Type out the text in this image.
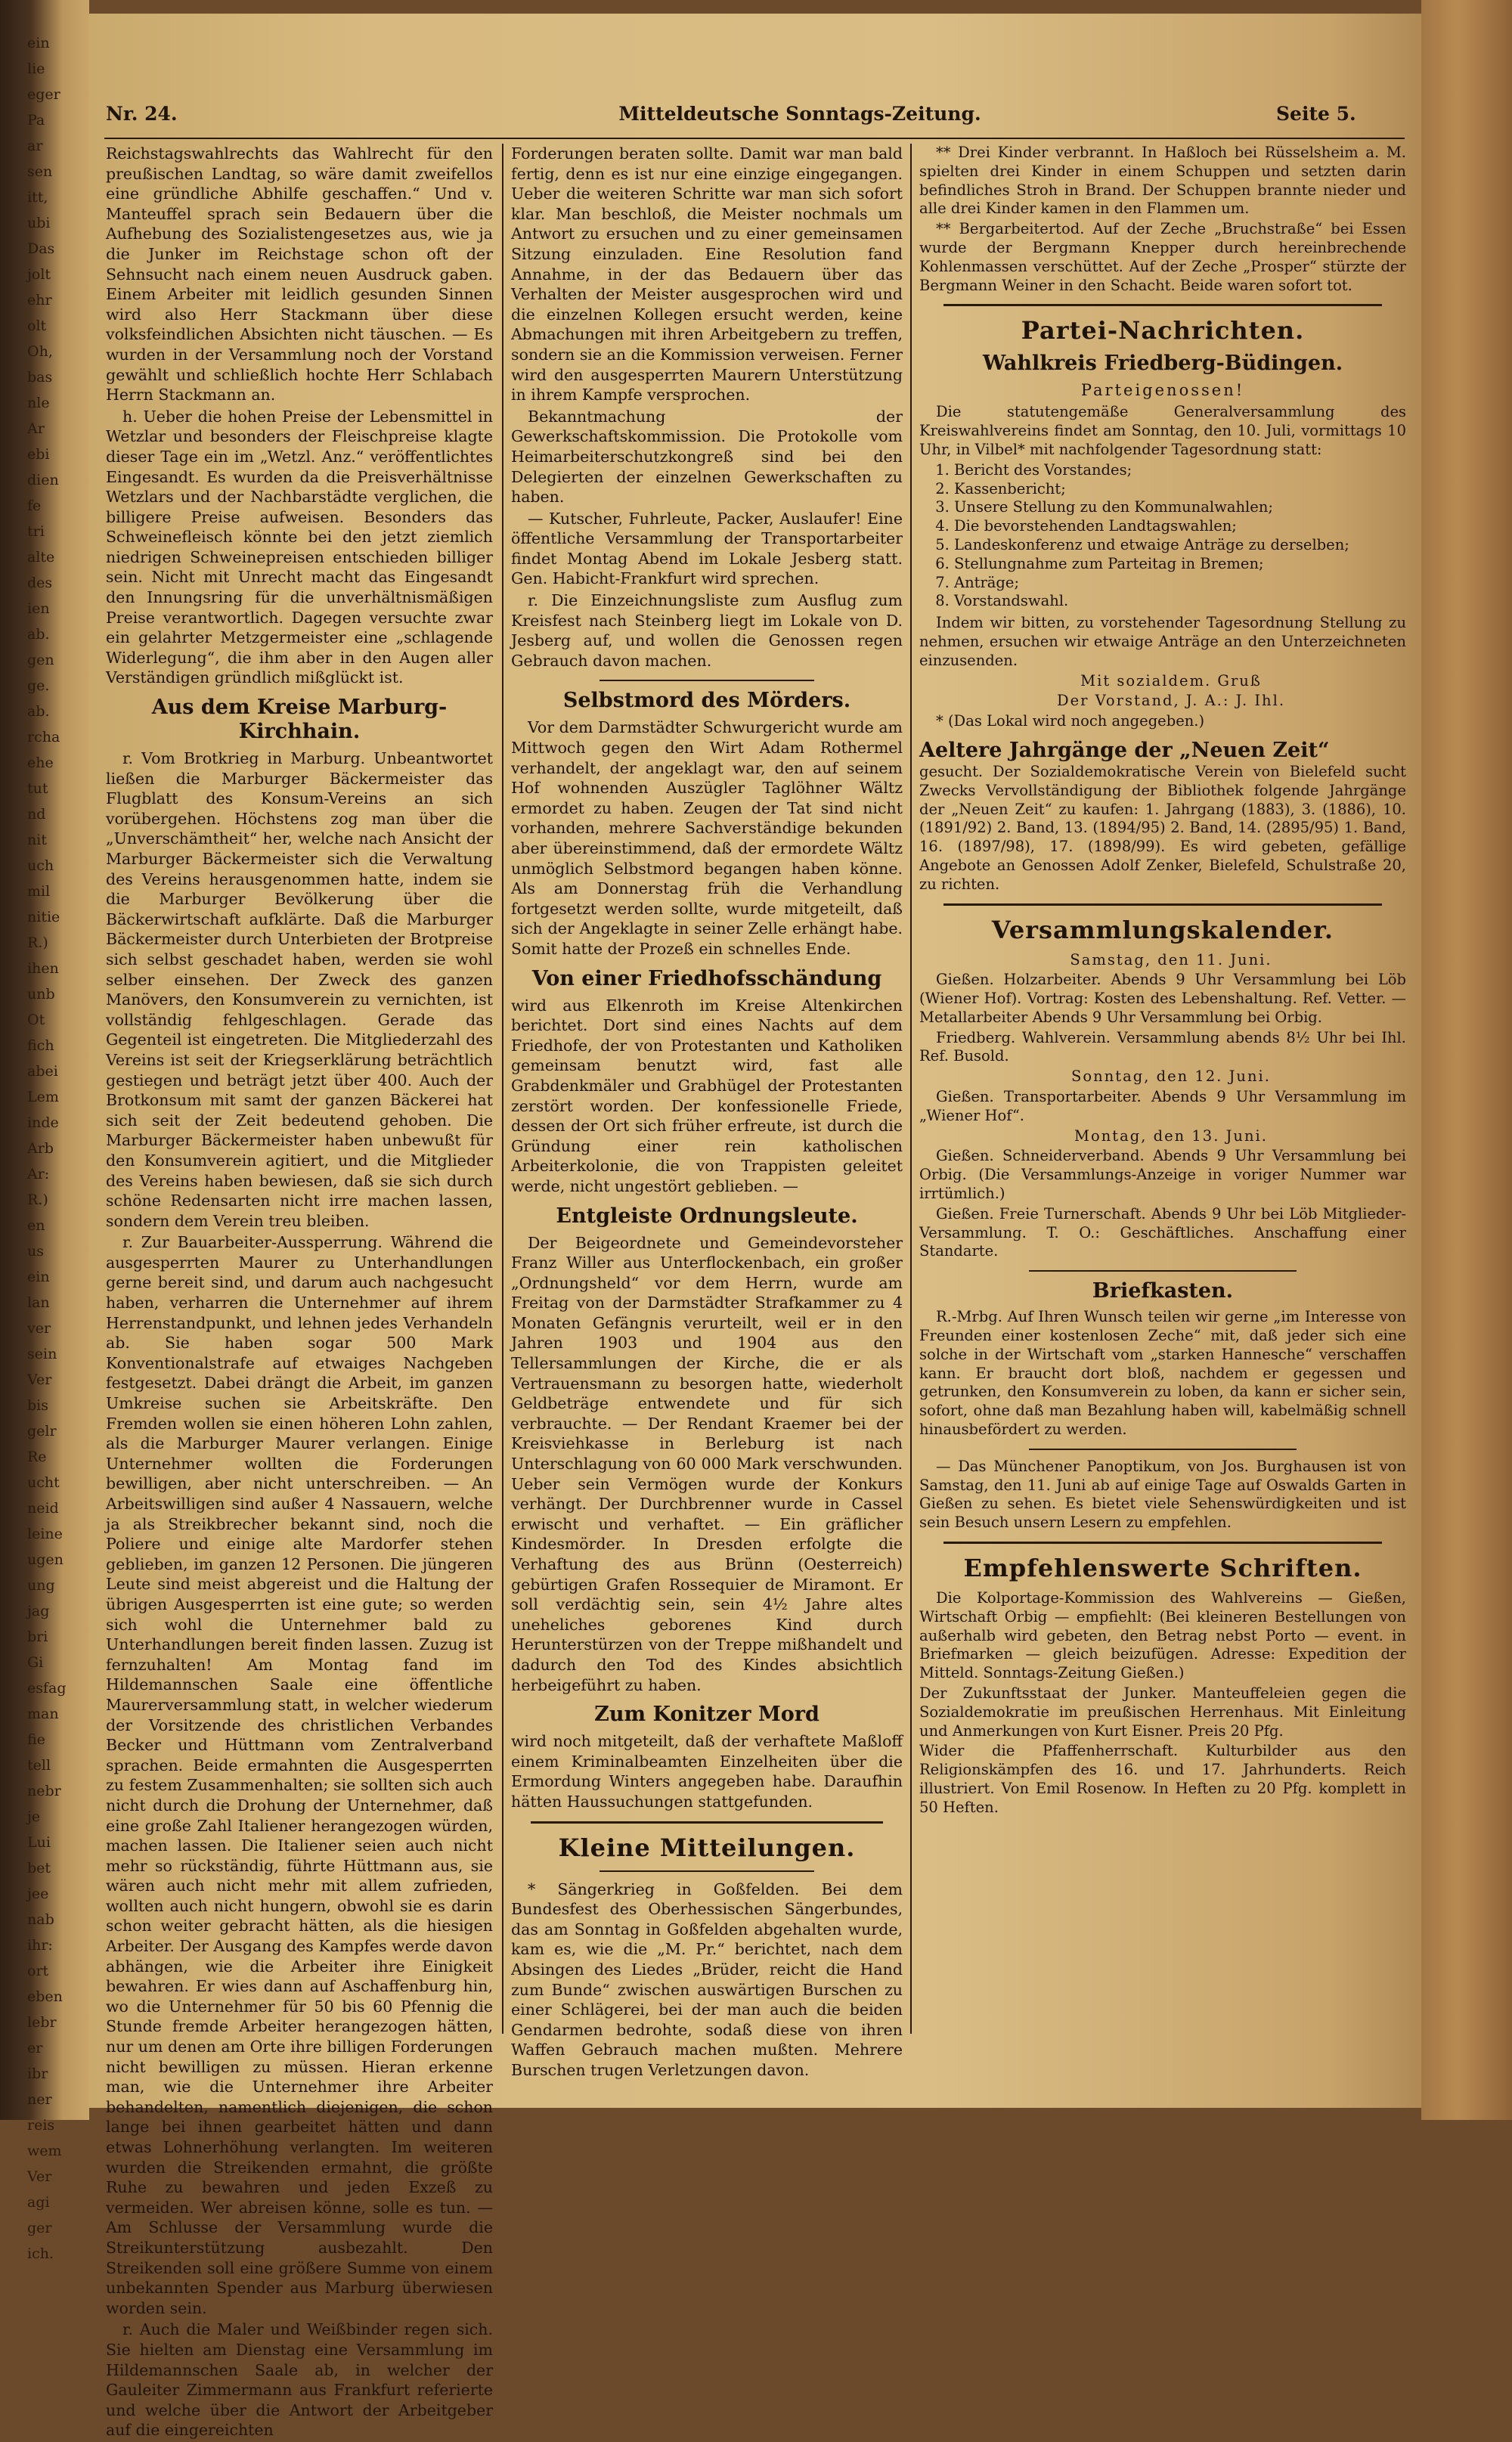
ein
lie
eger
Pa
ar
sen
itt,
ubi
Das
jolt
ehr
olt
Oh,
bas
nle
Ar
ebi
dien
fe
tri
alte
des
ien
ab.
gen
ge.
ab.
rcha
ehe
tut
nd
nit
uch
mil
nitie
R.)
ihen
unb
Ot
fich
abei
Lem
inde
Arb
Ar:
R.)
en
us
ein
lan
ver
sein
Ver
bis
gelr
Re
ucht
neid
leine
ugen
ung
jag
bri
Gi
esfag
man
fie
tell
nebr
je
Lui
bet
jee
nab
ihr:
ort
eben
lebr
er
ibr
ner
reis
wem
Ver
agi
ger
ich.
Nr. 24.	Mitteldeutsche Sonntags-Zeitung.	Seite 5.

Reichstagswahlrechts das Wahlrecht für den preußischen Landtag, so wäre damit zweifellos eine gründliche Abhilfe geschaffen.“ Und v. Manteuffel sprach sein Bedauern über die Aufhebung des Sozialistengesetzes aus, wie ja die Junker im Reichstage schon oft der Sehnsucht nach einem neuen Ausdruck gaben. Einem Arbeiter mit leidlich gesunden Sinnen wird also Herr Stackmann über diese volksfeindlichen Absichten nicht täuschen. — Es wurden in der Versammlung noch der Vorstand gewählt und schließlich hochte Herr Schlabach Herrn Stackmann an.

h. Ueber die hohen Preise der Lebensmittel in Wetzlar und besonders der Fleischpreise klagte dieser Tage ein im „Wetzl. Anz.“ veröffentlichtes Eingesandt. Es wurden da die Preisverhältnisse Wetzlars und der Nachbarstädte verglichen, die billigere Preise aufweisen. Besonders das Schweinefleisch könnte bei den jetzt ziemlich niedrigen Schweinepreisen entschieden billiger sein. Nicht mit Unrecht macht das Eingesandt den Innungsring für die unverhältnismäßigen Preise verantwortlich. Dagegen versuchte zwar ein gelahrter Metzgermeister eine „schlagende Widerlegung“, die ihm aber in den Augen aller Verständigen gründlich mißglückt ist.

Aus dem Kreise Marburg-Kirchhain.

r. Vom Brotkrieg in Marburg. Unbeantwortet ließen die Marburger Bäckermeister das Flugblatt des Konsum-Vereins an sich vorübergehen. Höchstens zog man über die „Unverschämtheit“ her, welche nach Ansicht der Marburger Bäckermeister sich die Verwaltung des Vereins herausgenommen hatte, indem sie die Marburger Bevölkerung über die Bäckerwirtschaft aufklärte. Daß die Marburger Bäckermeister durch Unterbieten der Brotpreise sich selbst geschadet haben, werden sie wohl selber einsehen. Der Zweck des ganzen Manövers, den Konsumverein zu vernichten, ist vollständig fehlgeschlagen. Gerade das Gegenteil ist eingetreten. Die Mitgliederzahl des Vereins ist seit der Kriegserklärung beträchtlich gestiegen und beträgt jetzt über 400. Auch der Brotkonsum mit samt der ganzen Bäckerei hat sich seit der Zeit bedeutend gehoben. Die Marburger Bäckermeister haben unbewußt für den Konsumverein agitiert, und die Mitglieder des Vereins haben bewiesen, daß sie sich durch schöne Redensarten nicht irre machen lassen, sondern dem Verein treu bleiben.

r. Zur Bauarbeiter-Aussperrung. Während die ausgesperrten Maurer zu Unterhandlungen gerne bereit sind, und darum auch nachgesucht haben, verharren die Unternehmer auf ihrem Herrenstandpunkt, und lehnen jedes Verhandeln ab. Sie haben sogar 500 Mark Konventionalstrafe auf etwaiges Nachgeben festgesetzt. Dabei drängt die Arbeit, im ganzen Umkreise suchen sie Arbeitskräfte. Den Fremden wollen sie einen höheren Lohn zahlen, als die Marburger Maurer verlangen. Einige Unternehmer wollten die Forderungen bewilligen, aber nicht unterschreiben. — An Arbeitswilligen sind außer 4 Nassauern, welche ja als Streikbrecher bekannt sind, noch die Poliere und einige alte Mardorfer stehen geblieben, im ganzen 12 Personen. Die jüngeren Leute sind meist abgereist und die Haltung der übrigen Ausgesperrten ist eine gute; so werden sich wohl die Unternehmer bald zu Unterhandlungen bereit finden lassen. Zuzug ist fernzuhalten! Am Montag fand im Hildemannschen Saale eine öffentliche Maurerversammlung statt, in welcher wiederum der Vorsitzende des christlichen Verbandes Becker und Hüttmann vom Zentralverband sprachen. Beide ermahnten die Ausgesperrten zu festem Zusammenhalten; sie sollten sich auch nicht durch die Drohung der Unternehmer, daß eine große Zahl Italiener herangezogen würden, machen lassen. Die Italiener seien auch nicht mehr so rückständig, führte Hüttmann aus, sie wären auch nicht mehr mit allem zufrieden, wollten auch nicht hungern, obwohl sie es darin schon weiter gebracht hätten, als die hiesigen Arbeiter. Der Ausgang des Kampfes werde davon abhängen, wie die Arbeiter ihre Einigkeit bewahren. Er wies dann auf Aschaffenburg hin, wo die Unternehmer für 50 bis 60 Pfennig die Stunde fremde Arbeiter herangezogen hätten, nur um denen am Orte ihre billigen Forderungen nicht bewilligen zu müssen. Hieran erkenne man, wie die Unternehmer ihre Arbeiter behandelten, namentlich diejenigen, die schon lange bei ihnen gearbeitet hätten und dann etwas Lohnerhöhung verlangten. Im weiteren wurden die Streikenden ermahnt, die größte Ruhe zu bewahren und jeden Exzeß zu vermeiden. Wer abreisen könne, solle es tun. — Am Schlusse der Versammlung wurde die Streikunterstützung ausbezahlt. Den Streikenden soll eine größere Summe von einem unbekannten Spender aus Marburg überwiesen worden sein.

r. Auch die Maler und Weißbinder regen sich. Sie hielten am Dienstag eine Versammlung im Hildemannschen Saale ab, in welcher der Gauleiter Zimmermann aus Frankfurt referierte und welche über die Antwort der Arbeitgeber auf die eingereichten

Forderungen beraten sollte. Damit war man bald fertig, denn es ist nur eine einzige eingegangen. Ueber die weiteren Schritte war man sich sofort klar. Man beschloß, die Meister nochmals um Antwort zu ersuchen und zu einer gemeinsamen Sitzung einzuladen. Eine Resolution fand Annahme, in der das Bedauern über das Verhalten der Meister ausgesprochen wird und die einzelnen Kollegen ersucht werden, keine Abmachungen mit ihren Arbeitgebern zu treffen, sondern sie an die Kommission verweisen. Ferner wird den ausgesperrten Maurern Unterstützung in ihrem Kampfe versprochen.

Bekanntmachung der Gewerkschaftskommission. Die Protokolle vom Heimarbeiterschutzkongreß sind bei den Delegierten der einzelnen Gewerkschaften zu haben.

— Kutscher, Fuhrleute, Packer, Auslaufer! Eine öffentliche Versammlung der Transportarbeiter findet Montag Abend im Lokale Jesberg statt. Gen. Habicht-Frankfurt wird sprechen.

r. Die Einzeichnungsliste zum Ausflug zum Kreisfest nach Steinberg liegt im Lokale von D. Jesberg auf, und wollen die Genossen regen Gebrauch davon machen.

Selbstmord des Mörders.

Vor dem Darmstädter Schwurgericht wurde am Mittwoch gegen den Wirt Adam Rothermel verhandelt, der angeklagt war, den auf seinem Hof wohnenden Auszügler Taglöhner Wältz ermordet zu haben. Zeugen der Tat sind nicht vorhanden, mehrere Sachverständige bekunden aber übereinstimmend, daß der ermordete Wältz unmöglich Selbstmord begangen haben könne. Als am Donnerstag früh die Verhandlung fortgesetzt werden sollte, wurde mitgeteilt, daß sich der Angeklagte in seiner Zelle erhängt habe. Somit hatte der Prozeß ein schnelles Ende.

Von einer Friedhofsschändung

wird aus Elkenroth im Kreise Altenkirchen berichtet. Dort sind eines Nachts auf dem Friedhofe, der von Protestanten und Katholiken gemeinsam benutzt wird, fast alle Grabdenkmäler und Grabhügel der Protestanten zerstört worden. Der konfessionelle Friede, dessen der Ort sich früher erfreute, ist durch die Gründung einer rein katholischen Arbeiterkolonie, die von Trappisten geleitet werde, nicht ungestört geblieben. —

Entgleiste Ordnungsleute.

Der Beigeordnete und Gemeindevorsteher Franz Willer aus Unterflockenbach, ein großer „Ordnungsheld“ vor dem Herrn, wurde am Freitag von der Darmstädter Strafkammer zu 4 Monaten Gefängnis verurteilt, weil er in den Jahren 1903 und 1904 aus den Tellersammlungen der Kirche, die er als Vertrauensmann zu besorgen hatte, wiederholt Geldbeträge entwendete und für sich verbrauchte. — Der Rendant Kraemer bei der Kreisviehkasse in Berleburg ist nach Unterschlagung von 60 000 Mark verschwunden. Ueber sein Vermögen wurde der Konkurs verhängt. Der Durchbrenner wurde in Cassel erwischt und verhaftet. — Ein gräflicher Kindesmörder. In Dresden erfolgte die Verhaftung des aus Brünn (Oesterreich) gebürtigen Grafen Rossequier de Miramont. Er soll verdächtig sein, sein 4½ Jahre altes uneheliches geborenes Kind durch Herunterstürzen von der Treppe mißhandelt und dadurch den Tod des Kindes absichtlich herbeigeführt zu haben.

Zum Konitzer Mord

wird noch mitgeteilt, daß der verhaftete Maßloff einem Kriminalbeamten Einzelheiten über die Ermordung Winters angegeben habe. Daraufhin hätten Haussuchungen stattgefunden.

Kleine Mitteilungen.

* Sängerkrieg in Goßfelden. Bei dem Bundesfest des Oberhessischen Sängerbundes, das am Sonntag in Goßfelden abgehalten wurde, kam es, wie die „M. Pr.“ berichtet, nach dem Absingen des Liedes „Brüder, reicht die Hand zum Bunde“ zwischen auswärtigen Burschen zu einer Schlägerei, bei der man auch die beiden Gendarmen bedrohte, sodaß diese von ihren Waffen Gebrauch machen mußten. Mehrere Burschen trugen Verletzungen davon.

** Drei Kinder verbrannt. In Haßloch bei Rüsselsheim a. M. spielten drei Kinder in einem Schuppen und setzten darin befindliches Stroh in Brand. Der Schuppen brannte nieder und alle drei Kinder kamen in den Flammen um.

** Bergarbeitertod. Auf der Zeche „Bruchstraße“ bei Essen wurde der Bergmann Knepper durch hereinbrechende Kohlenmassen verschüttet. Auf der Zeche „Prosper“ stürzte der Bergmann Weiner in den Schacht. Beide waren sofort tot.

Partei-Nachrichten.
Wahlkreis Friedberg-Büdingen.
Parteigenossen!

Die statutengemäße Generalversammlung des Kreiswahlvereins findet am Sonntag, den 10. Juli, vormittags 10 Uhr, in Vilbel* mit nachfolgender Tagesordnung statt:

1. Bericht des Vorstandes;
2. Kassenbericht;
3. Unsere Stellung zu den Kommunalwahlen;
4. Die bevorstehenden Landtagswahlen;
5. Landeskonferenz und etwaige Anträge zu derselben;
6. Stellungnahme zum Parteitag in Bremen;
7. Anträge;
8. Vorstandswahl.

Indem wir bitten, zu vorstehender Tagesordnung Stellung zu nehmen, ersuchen wir etwaige Anträge an den Unterzeichneten einzusenden.

Mit sozialdem. Gruß

Der Vorstand, J. A.: J. Ihl.

* (Das Lokal wird noch angegeben.)

Aeltere Jahrgänge der „Neuen Zeit“

gesucht. Der Sozialdemokratische Verein von Bielefeld sucht Zwecks Vervollständigung der Bibliothek folgende Jahrgänge der „Neuen Zeit“ zu kaufen: 1. Jahrgang (1883), 3. (1886), 10. (1891/92) 2. Band, 13. (1894/95) 2. Band, 14. (2895/95) 1. Band, 16. (1897/98), 17. (1898/99). Es wird gebeten, gefällige Angebote an Genossen Adolf Zenker, Bielefeld, Schulstraße 20, zu richten.

Versammlungskalender.

Samstag, den 11. Juni.

Gießen. Holzarbeiter. Abends 9 Uhr Versammlung bei Löb (Wiener Hof). Vortrag: Kosten des Lebenshaltung. Ref. Vetter. — Metallarbeiter Abends 9 Uhr Versammlung bei Orbig.

Friedberg. Wahlverein. Versammlung abends 8½ Uhr bei Ihl. Ref. Busold.

Sonntag, den 12. Juni.

Gießen. Transportarbeiter. Abends 9 Uhr Versammlung im „Wiener Hof“.

Montag, den 13. Juni.

Gießen. Schneiderverband. Abends 9 Uhr Versammlung bei Orbig. (Die Versammlungs-Anzeige in voriger Nummer war irrtümlich.)

Gießen. Freie Turnerschaft. Abends 9 Uhr bei Löb Mitglieder-Versammlung. T. O.: Geschäftliches. Anschaffung einer Standarte.

Briefkasten.

R.-Mrbg. Auf Ihren Wunsch teilen wir gerne „im Interesse von Freunden einer kostenlosen Zeche“ mit, daß jeder sich eine solche in der Wirtschaft vom „starken Hannesche“ verschaffen kann. Er braucht dort bloß, nachdem er gegessen und getrunken, den Konsumverein zu loben, da kann er sicher sein, sofort, ohne daß man Bezahlung haben will, kabelmäßig schnell hinausbefördert zu werden.

— Das Münchener Panoptikum, von Jos. Burghausen ist von Samstag, den 11. Juni ab auf einige Tage auf Oswalds Garten in Gießen zu sehen. Es bietet viele Sehenswürdigkeiten und ist sein Besuch unsern Lesern zu empfehlen.

Empfehlenswerte Schriften.

Die Kolportage-Kommission des Wahlvereins — Gießen, Wirtschaft Orbig — empfiehlt: (Bei kleineren Bestellungen von außerhalb wird gebeten, den Betrag nebst Porto — event. in Briefmarken — gleich beizufügen. Adresse: Expedition der Mitteld. Sonntags-Zeitung Gießen.)

Der Zukunftsstaat der Junker. Manteuffeleien gegen die Sozialdemokratie im preußischen Herrenhaus. Mit Einleitung und Anmerkungen von Kurt Eisner. Preis 20 Pfg.

Wider die Pfaffenherrschaft. Kulturbilder aus den Religionskämpfen des 16. und 17. Jahrhunderts. Reich illustriert. Von Emil Rosenow. In Heften zu 20 Pfg. komplett in 50 Heften.
